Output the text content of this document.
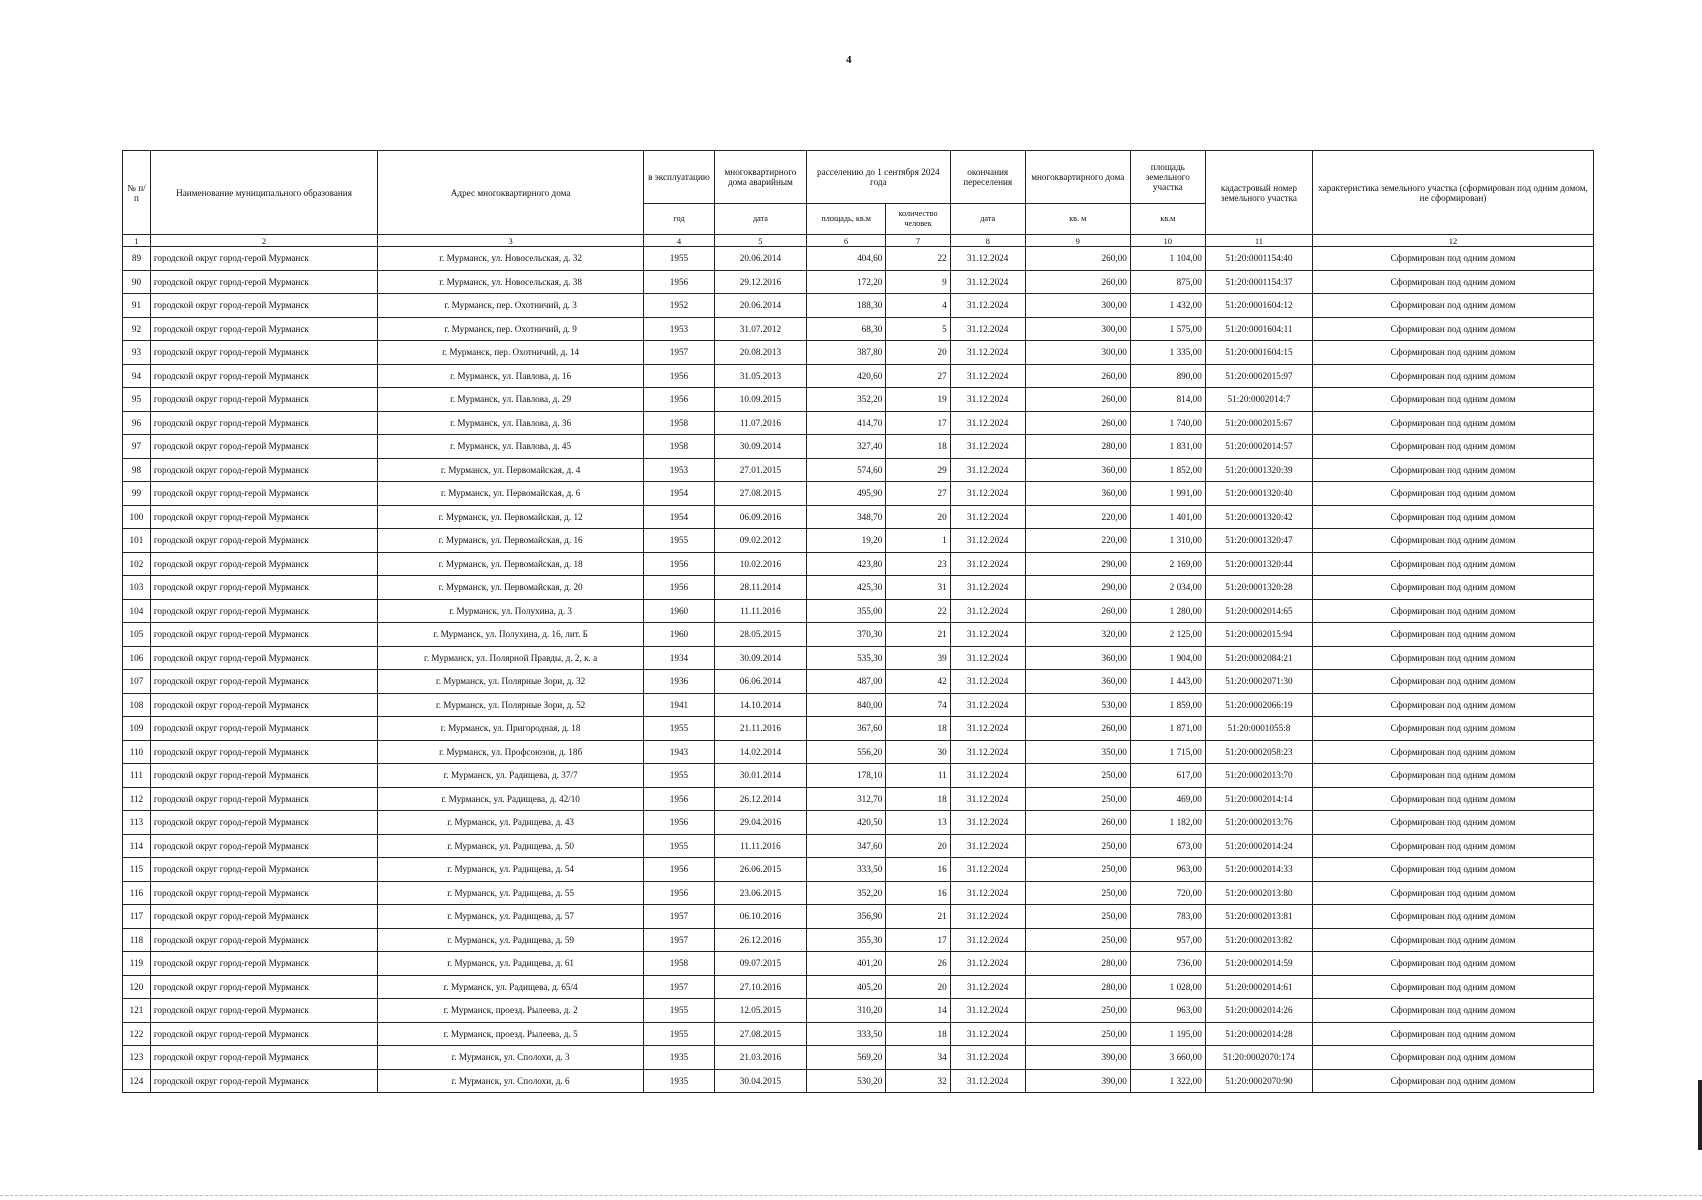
4
№ п/п	Наименование муниципального образования	Адрес многоквартирного дома	в эксплуатацию	многоквартирного дома аварийным	расселению до 1 сентября 2024 года		окончания переселения	многоквартирного дома	площадь земельного участка	кадастровый номер земельного участка	характеристика земельного участка (сформирован под одним домом, не сформирован)
			год	дата	площадь, кв.м	количество человек	дата	кв. м	кв.м		
1	2	3	4	5	6	7	8	9	10	11	12
89	городской округ город-герой Мурманск	г. Мурманск, ул. Новосельская, д. 32	1955	20.06.2014	404,60	22	31.12.2024	260,00	1 104,00	51:20:0001154:40	Сформирован под одним домом
90	городской округ город-герой Мурманск	г. Мурманск, ул. Новосельская, д. 38	1956	29.12.2016	172,20	9	31.12.2024	260,00	875,00	51:20:0001154:37	Сформирован под одним домом
91	городской округ город-герой Мурманск	г. Мурманск, пер. Охотничий, д. 3	1952	20.06.2014	188,30	4	31.12.2024	300,00	1 432,00	51:20:0001604:12	Сформирован под одним домом
92	городской округ город-герой Мурманск	г. Мурманск, пер. Охотничий, д. 9	1953	31.07.2012	68,30	5	31.12.2024	300,00	1 575,00	51:20:0001604:11	Сформирован под одним домом
93	городской округ город-герой Мурманск	г. Мурманск, пер. Охотничий, д. 14	1957	20.08.2013	387,80	20	31.12.2024	300,00	1 335,00	51:20:0001604:15	Сформирован под одним домом
94	городской округ город-герой Мурманск	г. Мурманск, ул. Павлова, д. 16	1956	31.05.2013	420,60	27	31.12.2024	260,00	890,00	51:20:0002015:97	Сформирован под одним домом
95	городской округ город-герой Мурманск	г. Мурманск, ул. Павлова, д. 29	1956	10.09.2015	352,20	19	31.12.2024	260,00	814,00	51:20:0002014:7	Сформирован под одним домом
96	городской округ город-герой Мурманск	г. Мурманск, ул. Павлова, д. 36	1958	11.07.2016	414,70	17	31.12.2024	260,00	1 740,00	51:20:0002015:67	Сформирован под одним домом
97	городской округ город-герой Мурманск	г. Мурманск, ул. Павлова, д. 45	1958	30.09.2014	327,40	18	31.12.2024	280,00	1 831,00	51:20:0002014:57	Сформирован под одним домом
98	городской округ город-герой Мурманск	г. Мурманск, ул. Первомайская, д. 4	1953	27.01.2015	574,60	29	31.12.2024	360,00	1 852,00	51:20:0001320:39	Сформирован под одним домом
99	городской округ город-герой Мурманск	г. Мурманск, ул. Первомайская, д. 6	1954	27.08.2015	495,90	27	31.12.2024	360,00	1 991,00	51:20:0001320:40	Сформирован под одним домом
100	городской округ город-герой Мурманск	г. Мурманск, ул. Первомайская, д. 12	1954	06.09.2016	348,70	20	31.12.2024	220,00	1 401,00	51:20:0001320:42	Сформирован под одним домом
101	городской округ город-герой Мурманск	г. Мурманск, ул. Первомайская, д. 16	1955	09.02.2012	19,20	1	31.12.2024	220,00	1 310,00	51:20:0001320:47	Сформирован под одним домом
102	городской округ город-герой Мурманск	г. Мурманск, ул. Первомайская, д. 18	1956	10.02.2016	423,80	23	31.12.2024	290,00	2 169,00	51:20:0001320:44	Сформирован под одним домом
103	городской округ город-герой Мурманск	г. Мурманск, ул. Первомайская, д. 20	1956	28.11.2014	425,30	31	31.12.2024	290,00	2 034,00	51:20:0001320:28	Сформирован под одним домом
104	городской округ город-герой Мурманск	г. Мурманск, ул. Полухина, д. 3	1960	11.11.2016	355,00	22	31.12.2024	260,00	1 280,00	51:20:0002014:65	Сформирован под одним домом
105	городской округ город-герой Мурманск	г. Мурманск, ул. Полухина, д. 16, лит. Б	1960	28.05.2015	370,30	21	31.12.2024	320,00	2 125,00	51:20:0002015:94	Сформирован под одним домом
106	городской округ город-герой Мурманск	г. Мурманск, ул. Полярной Правды, д. 2, к. а	1934	30.09.2014	535,30	39	31.12.2024	360,00	1 904,00	51:20:0002084:21	Сформирован под одним домом
107	городской округ город-герой Мурманск	г. Мурманск, ул. Полярные Зори, д. 32	1936	06.06.2014	487,00	42	31.12.2024	360,00	1 443,00	51:20:0002071:30	Сформирован под одним домом
108	городской округ город-герой Мурманск	г. Мурманск, ул. Полярные Зори, д. 52	1941	14.10.2014	840,00	74	31.12.2024	530,00	1 859,00	51:20:0002066:19	Сформирован под одним домом
109	городской округ город-герой Мурманск	г. Мурманск, ул. Пригородная, д. 18	1955	21.11.2016	367,60	18	31.12.2024	260,00	1 871,00	51:20:0001055:8	Сформирован под одним домом
110	городской округ город-герой Мурманск	г. Мурманск, ул. Профсоюзов, д. 18б	1943	14.02.2014	556,20	30	31.12.2024	350,00	1 715,00	51:20:0002058:23	Сформирован под одним домом
111	городской округ город-герой Мурманск	г. Мурманск, ул. Радищева, д. 37/7	1955	30.01.2014	178,10	11	31.12.2024	250,00	617,00	51:20:0002013:70	Сформирован под одним домом
112	городской округ город-герой Мурманск	г. Мурманск, ул. Радищева, д. 42/10	1956	26.12.2014	312,70	18	31.12.2024	250,00	469,00	51:20:0002014:14	Сформирован под одним домом
113	городской округ город-герой Мурманск	г. Мурманск, ул. Радищева, д. 43	1956	29.04.2016	420,50	13	31.12.2024	260,00	1 182,00	51:20:0002013:76	Сформирован под одним домом
114	городской округ город-герой Мурманск	г. Мурманск, ул. Радищева, д. 50	1955	11.11.2016	347,60	20	31.12.2024	250,00	673,00	51:20:0002014:24	Сформирован под одним домом
115	городской округ город-герой Мурманск	г. Мурманск, ул. Радищева, д. 54	1956	26.06.2015	333,50	16	31.12.2024	250,00	963,00	51:20:0002014:33	Сформирован под одним домом
116	городской округ город-герой Мурманск	г. Мурманск, ул. Радищева, д. 55	1956	23.06.2015	352,20	16	31.12.2024	250,00	720,00	51:20:0002013:80	Сформирован под одним домом
117	городской округ город-герой Мурманск	г. Мурманск, ул. Радищева, д. 57	1957	06.10.2016	356,90	21	31.12.2024	250,00	783,00	51:20:0002013:81	Сформирован под одним домом
118	городской округ город-герой Мурманск	г. Мурманск, ул. Радищева, д. 59	1957	26.12.2016	355,30	17	31.12.2024	250,00	957,00	51:20:0002013:82	Сформирован под одним домом
119	городской округ город-герой Мурманск	г. Мурманск, ул. Радищева, д. 61	1958	09.07.2015	401,20	26	31.12.2024	280,00	736,00	51:20:0002014:59	Сформирован под одним домом
120	городской округ город-герой Мурманск	г. Мурманск, ул. Радищева, д. 65/4	1957	27.10.2016	405,20	20	31.12.2024	280,00	1 028,00	51:20:0002014:61	Сформирован под одним домом
121	городской округ город-герой Мурманск	г. Мурманск, проезд. Рылеева, д. 2	1955	12.05.2015	310,20	14	31.12.2024	250,00	963,00	51:20:0002014:26	Сформирован под одним домом
122	городской округ город-герой Мурманск	г. Мурманск, проезд. Рылеева, д. 5	1955	27.08.2015	333,50	18	31.12.2024	250,00	1 195,00	51:20:0002014:28	Сформирован под одним домом
123	городской округ город-герой Мурманск	г. Мурманск, ул. Сполохи, д. 3	1935	21.03.2016	569,20	34	31.12.2024	390,00	3 660,00	51:20:0002070:174	Сформирован под одним домом
124	городской округ город-герой Мурманск	г. Мурманск, ул. Сполохи, д. 6	1935	30.04.2015	530,20	32	31.12.2024	390,00	1 322,00	51:20:0002070:90	Сформирован под одним домом
